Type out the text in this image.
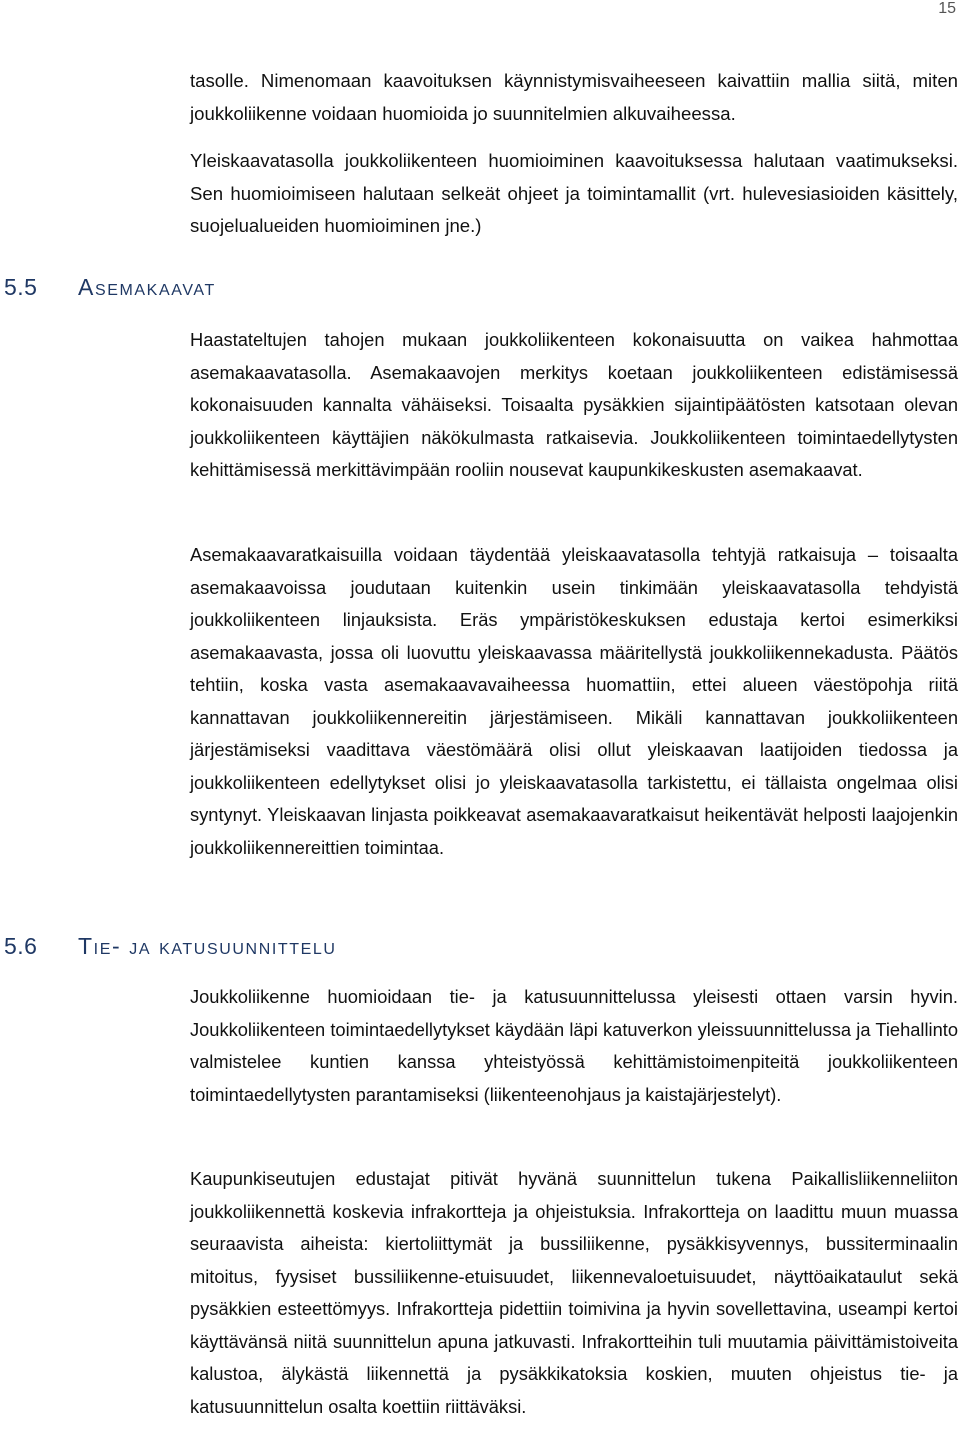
15

tasolle. Nimenomaan kaavoituksen käynnistymisvaiheeseen kaivattiin mallia siitä, miten joukkoliikenne voidaan huomioida jo suunnitelmien alkuvaiheessa.

Yleiskaavatasolla joukkoliikenteen huomioiminen kaavoituksessa halutaan vaatimukseksi. Sen huomioimiseen halutaan selkeät ohjeet ja toimintamallit (vrt. hulevesiasioiden käsittely, suojelualueiden huomioiminen jne.)

5.5 Asemakaavat

Haastateltujen tahojen mukaan joukkoliikenteen kokonaisuutta on vaikea hahmottaa asemakaavatasolla. Asemakaavojen merkitys koetaan joukkoliikenteen edistämisessä kokonaisuuden kannalta vähäiseksi. Toisaalta pysäkkien sijaintipäätösten katsotaan olevan joukkoliikenteen käyttäjien näkökulmasta ratkaisevia. Joukkoliikenteen toimintaedellytysten kehittämisessä merkittävimpään rooliin nousevat kaupunkikeskusten asemakaavat.

Asemakaavaratkaisuilla voidaan täydentää yleiskaavatasolla tehtyjä ratkaisuja – toisaalta asemakaavoissa joudutaan kuitenkin usein tinkimään yleiskaavatasolla tehdyistä joukkoliikenteen linjauksista. Eräs ympäristökeskuksen edustaja kertoi esimerkiksi asemakaavasta, jossa oli luovuttu yleiskaavassa määritellystä joukkoliikennekadusta. Päätös tehtiin, koska vasta asemakaavavaiheessa huomattiin, ettei alueen väestöpohja riitä kannattavan joukkoliikennereitin järjestämiseen. Mikäli kannattavan joukkoliikenteen järjestämiseksi vaadittava väestömäärä olisi ollut yleiskaavan laatijoiden tiedossa ja joukkoliikenteen edellytykset olisi jo yleiskaavatasolla tarkistettu, ei tällaista ongelmaa olisi syntynyt. Yleiskaavan linjasta poikkeavat asemakaavaratkaisut heikentävät helposti laajojenkin joukkoliikennereittien toimintaa.

5.6 Tie- ja katusuunnittelu

Joukkoliikenne huomioidaan tie- ja katusuunnittelussa yleisesti ottaen varsin hyvin. Joukkoliikenteen toimintaedellytykset käydään läpi katuverkon yleissuunnittelussa ja Tiehallinto valmistelee kuntien kanssa yhteistyössä kehittämistoimenpiteitä joukkoliikenteen toimintaedellytysten parantamiseksi (liikenteenohjaus ja kaistajärjestelyt).

Kaupunkiseutujen edustajat pitivät hyvänä suunnittelun tukena Paikallisliikenneliiton joukkoliikennettä koskevia infrakortteja ja ohjeistuksia. Infrakortteja on laadittu muun muassa seuraavista aiheista: kiertoliittymät ja bussiliikenne, pysäkkisyvennys, bussiterminaalin mitoitus, fyysiset bussiliikenne-etuisuudet, liikennevaloetuisuudet, näyttöaikataulut sekä pysäkkien esteettömyys. Infrakortteja pidettiin toimivina ja hyvin sovellettavina, useampi kertoi käyttävänsä niitä suunnittelun apuna jatkuvasti. Infrakortteihin tuli muutamia päivittämistoiveita kalustoa, älykästä liikennettä ja pysäkkikatoksia koskien, muuten ohjeistus tie- ja katusuunnittelun osalta koettiin riittäväksi.
